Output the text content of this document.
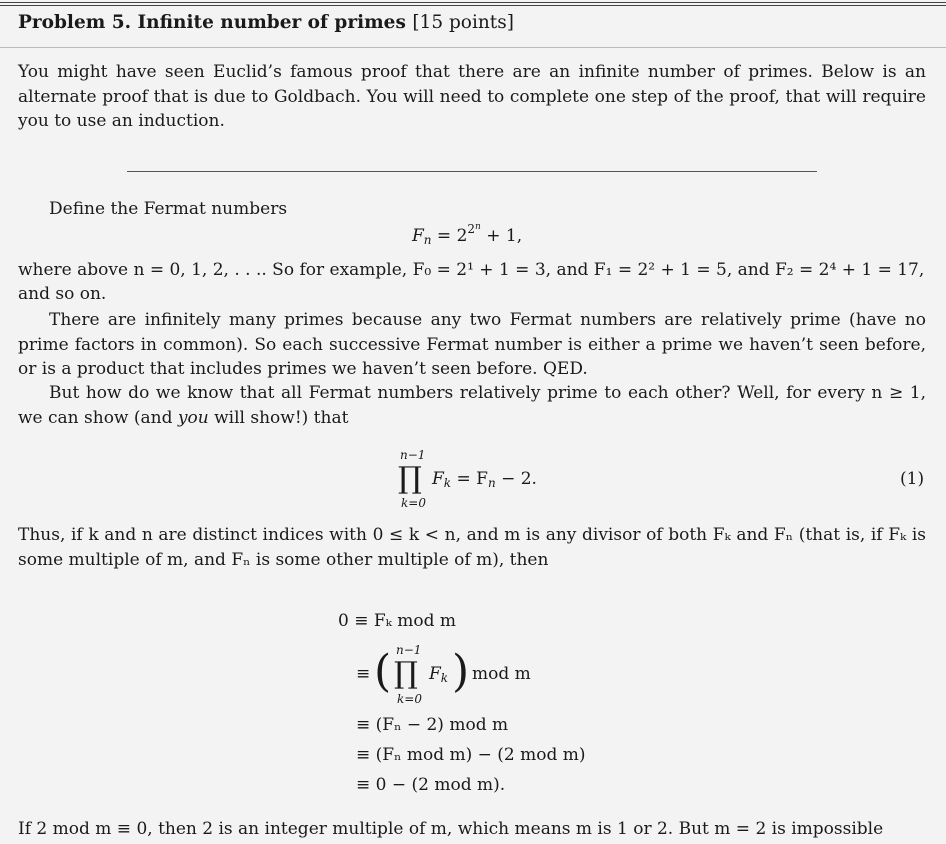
Problem 5. Infinite number of primes [15 points]
You might have seen Euclid’s famous proof that there are an infinite number of primes. Below is an alternate proof that is due to Goldbach. You will need to complete one step of the proof, that will require you to use an induction.
Define the Fermat numbers
$F_n = 2^{2^n} + 1$,
where above n = 0, 1, 2, . . .. So for example, F₀ = 2¹ + 1 = 3, and F₁ = 2² + 1 = 5, and F₂ = 2⁴ + 1 = 17,
and so on.
There are infinitely many primes because any two Fermat numbers are relatively prime (have no prime factors in common). So each successive Fermat number is either a prime we haven’t seen before, or is a product that includes primes we haven’t seen before. QED.
But how do we know that all Fermat numbers relatively prime to each other? Well, for every n ≥ 1, we can show (and you will show!) that
n−1
∏
k=0
$F_k = F_n - 2$.	(1)
Thus, if k and n are distinct indices with 0 ≤ k < n, and m is any divisor of both Fₖ and Fₙ (that is, if Fₖ is some multiple of m, and Fₙ is some other multiple of m), then
0 ≡ Fₖ mod m
≡ ( n−1
∏
k=0
$F_k$ ) mod m
≡ (Fₙ − 2) mod m
≡ (Fₙ mod m) − (2 mod m)
≡ 0 − (2 mod m).
If 2 mod m ≡ 0, then 2 is an integer multiple of m, which means m is 1 or 2. But m = 2 is impossible
